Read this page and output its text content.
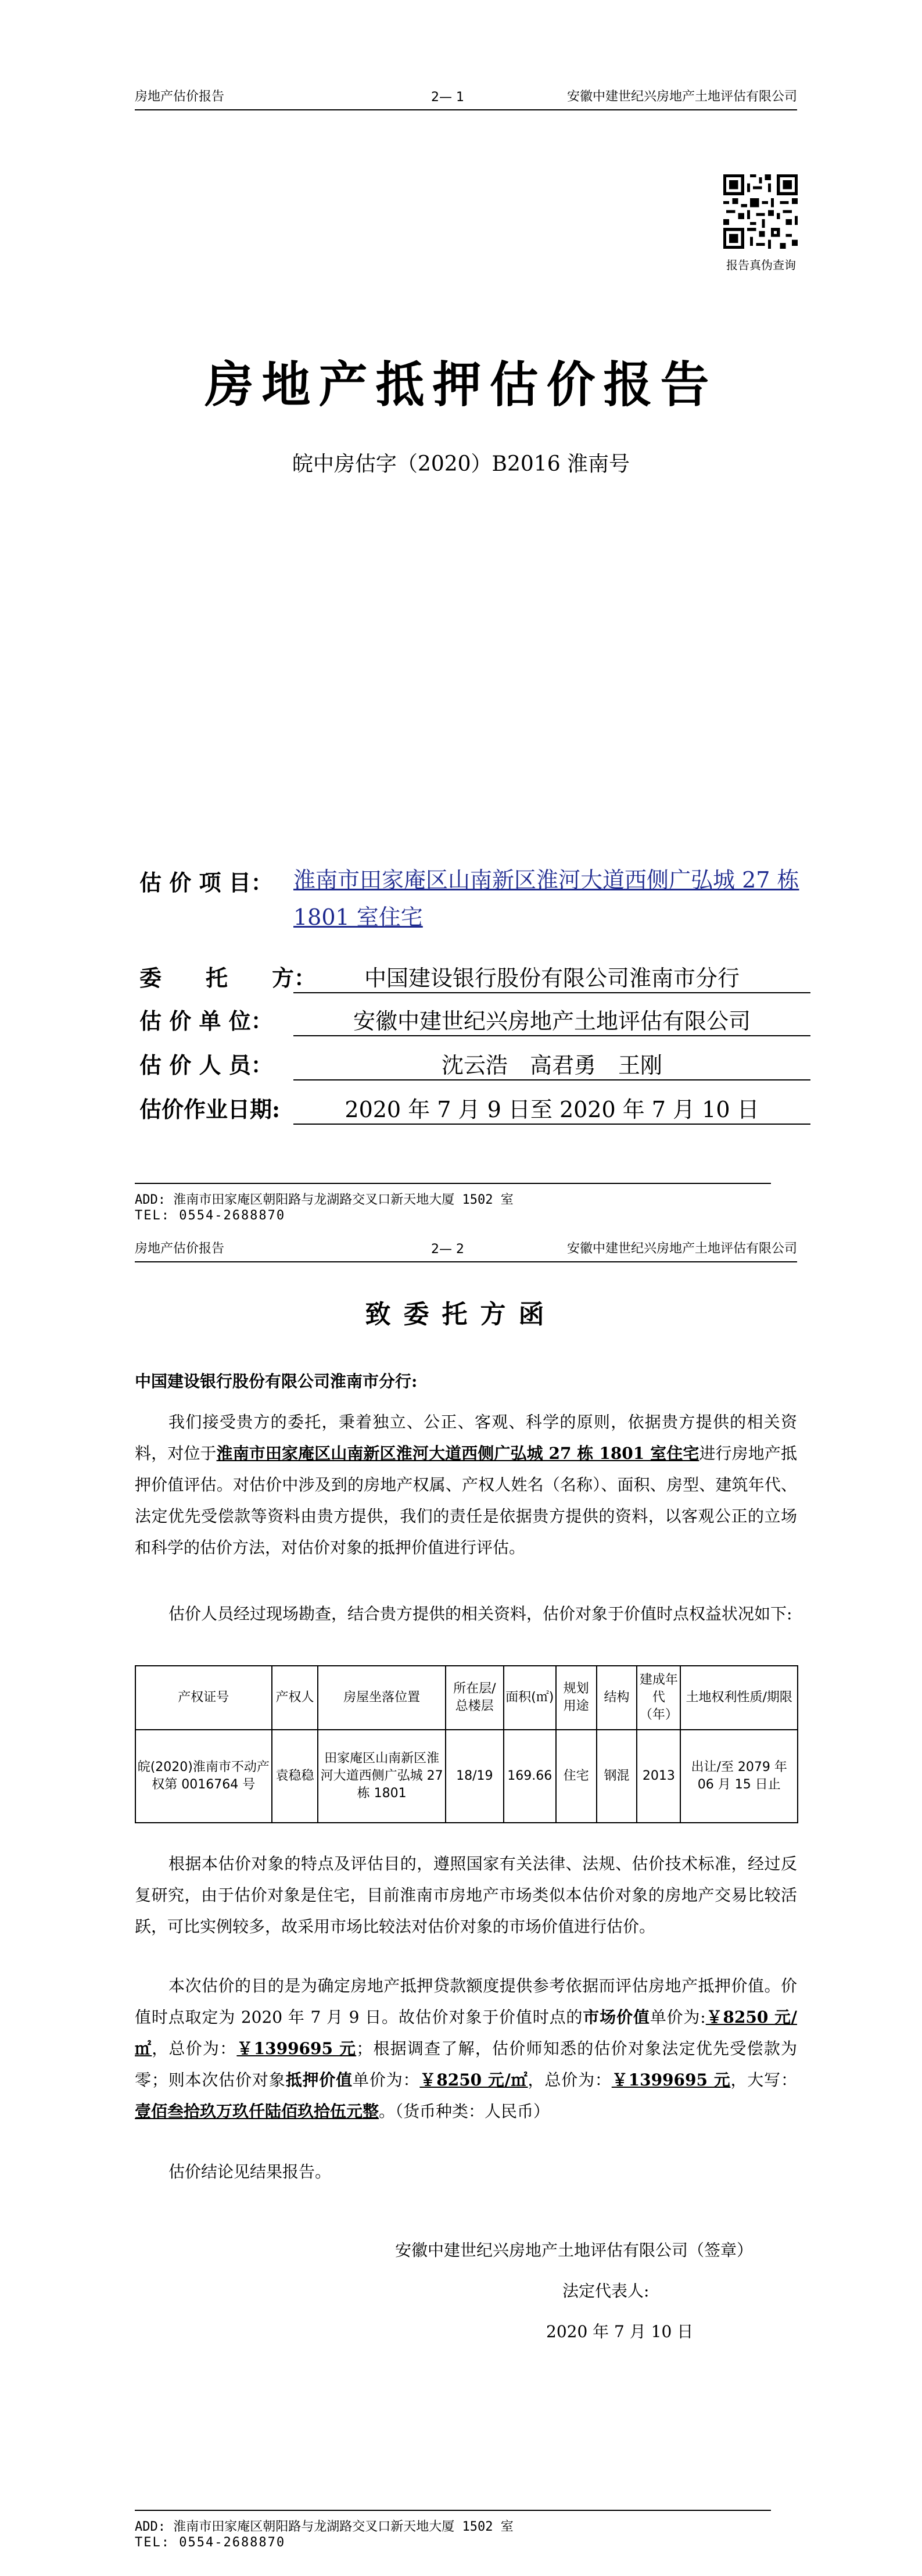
房地产估价报告	2— 1	安徽中建世纪兴房地产土地评估有限公司
报告真伪查询
房地产抵押估价报告
皖中房估字（2020）B2016 淮南号
估 价 项 目： 淮南市田家庵区山南新区淮河大道西侧广弘城 27 栋 1801 室住宅
委　　托　　方：	中国建设银行股份有限公司淮南市分行
估 价 单 位：	安徽中建世纪兴房地产土地评估有限公司
估 价 人 员：	沈云浩　高君勇　王刚
估价作业日期:	2020 年 7 月 9 日至 2020 年 7 月 10 日
ADD: 淮南市田家庵区朝阳路与龙湖路交叉口新天地大厦 1502 室
TEL: 0554-2688870
房地产估价报告	2— 2	安徽中建世纪兴房地产土地评估有限公司
致委托方函
中国建设银行股份有限公司淮南市分行:
我们接受贵方的委托，秉着独立、公正、客观、科学的原则，依据贵方提供的相关资料，对位于淮南市田家庵区山南新区淮河大道西侧广弘城 27 栋 1801 室住宅进行房地产抵押价值评估。对估价中涉及到的房地产权属、产权人姓名（名称）、面积、房型、建筑年代、法定优先受偿款等资料由贵方提供，我们的责任是依据贵方提供的资料，以客观公正的立场和科学的估价方法，对估价对象的抵押价值进行评估。
估价人员经过现场勘查，结合贵方提供的相关资料，估价对象于价值时点权益状况如下:
产权证号	产权人	房屋坐落位置	所在层/总楼层	面积(㎡)	规划用途	结构	建成年代（年）	土地权利性质/期限
皖(2020)淮南市不动产权第 0016764 号	袁稳稳	田家庵区山南新区淮河大道西侧广弘城 27 栋 1801	18/19	169.66	住宅	钢混	2013	出让/至 2079 年 06 月 15 日止
根据本估价对象的特点及评估目的，遵照国家有关法律、法规、估价技术标准，经过反复研究，由于估价对象是住宅，目前淮南市房地产市场类似本估价对象的房地产交易比较活跃，可比实例较多，故采用市场比较法对估价对象的市场价值进行估价。
本次估价的目的是为确定房地产抵押贷款额度提供参考依据而评估房地产抵押价值。价值时点取定为 2020 年 7 月 9 日。故估价对象于价值时点的市场价值单价为:￥8250 元/㎡，总价为：￥1399695 元；根据调查了解，估价师知悉的估价对象法定优先受偿款为零；则本次估价对象抵押价值单价为：￥8250 元/㎡，总价为：￥1399695 元，大写：壹佰叁拾玖万玖仟陆佰玖拾伍元整。（货币种类：人民币）
估价结论见结果报告。
安徽中建世纪兴房地产土地评估有限公司（签章）
法定代表人:
2020 年 7 月 10 日
ADD: 淮南市田家庵区朝阳路与龙湖路交叉口新天地大厦 1502 室
TEL: 0554-2688870
